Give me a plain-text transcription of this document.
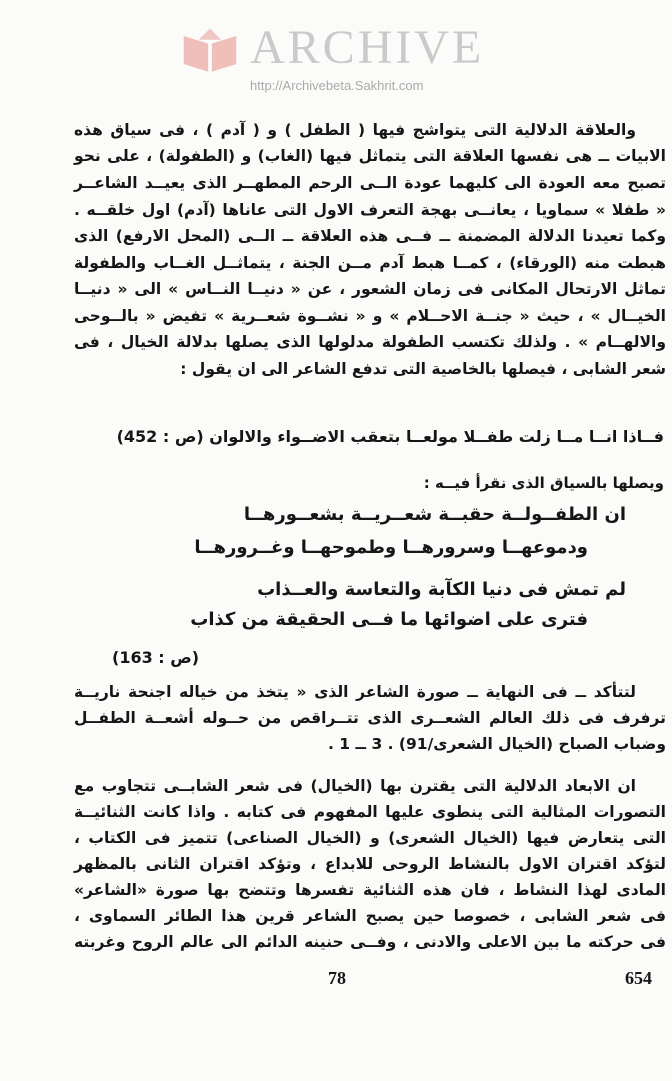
ARCHIVE
http://Archivebeta.Sakhrit.com
والعلاقة الدلالية التى يتواشج فيها ( الطفل ) و ( آدم ) ، فى سياق هذه
الابيات ــ هى نفسها العلاقة التى يتماثل فيها (الغاب) و (الطفولة) ، على نحو
تصبح معه العودة الى كليهما عودة الــى الرحم المطهــر الذى يعيــد الشاعــر
« طفلا » سماويا ، يعانــى بهجة التعرف الاول التى عاناها (آدم) اول خلقــه .
وكما تعيدنا الدلالة المضمنة ــ فــى هذه العلاقة ــ الــى (المحل الارفع) الذى
هبطت منه (الورقاء) ، كمــا هبط آدم مــن الجنة ، يتماثــل الغــاب والطفولة
تماثل الارتحال المكانى فى زمان الشعور ، عن « دنيــا النــاس » الى « دنيــا
الخيــال » ، حيث « جنــة الاحــلام » و « نشــوة شعــرية » تفيض « بالــوحى
والالهــام » . ولذلك تكتسب الطفولة مدلولها الذى يصلها بدلالة الخيال ، فى
شعر الشابى ، فيصلها بالخاصية التى تدفع الشاعر الى ان يقول :
فــاذا انــا مــا زلت طفــلا مولعــا بتعقب الاضــواء والالوان (ص : 452)
ويصلها بالسياق الذى نقرأ فيــه :
ان الطفــولــة حقبــة شعــريــة بشعــورهــا
ودموعهــا وسرورهــا وطموحهــا وغــرورهــا
لم تمش فى دنيا الكآبة والتعاسة والعــذاب
فترى على اضوائها ما فــى الحقيقة من كذاب
(ص : 163)
لتتأكد ــ فى النهاية ــ صورة الشاعر الذى « يتخذ من خياله اجنحة ناريــة
ترفرف فى ذلك العالم الشعــرى الذى تتــراقص من حــوله أشعــة الطفــل
وضباب الصباح (الخيال الشعرى/91) . 3 ــ 1 .
ان الابعاد الدلالية التى يقترن بها (الخيال) فى شعر الشابــى تتجاوب مع
التصورات المثالية التى ينطوى عليها المفهوم فى كتابه . واذا كانت الثنائيــة
التى يتعارض فيها (الخيال الشعرى) و (الخيال الصناعى) تتميز فى الكتاب ،
لتؤكد اقتران الاول بالنشاط الروحى للابداع ، وتؤكد اقتران الثانى بالمظهر
المادى لهذا النشاط ، فان هذه الثنائية تفسرها وتتضح بها صورة «الشاعر»
فى شعر الشابى ، خصوصا حين يصبح الشاعر قرين هذا الطائر السماوى ،
فى حركته ما بين الاعلى والادنى ، وفــى حنينه الدائم الى عالم الروح وغربته
78	654
